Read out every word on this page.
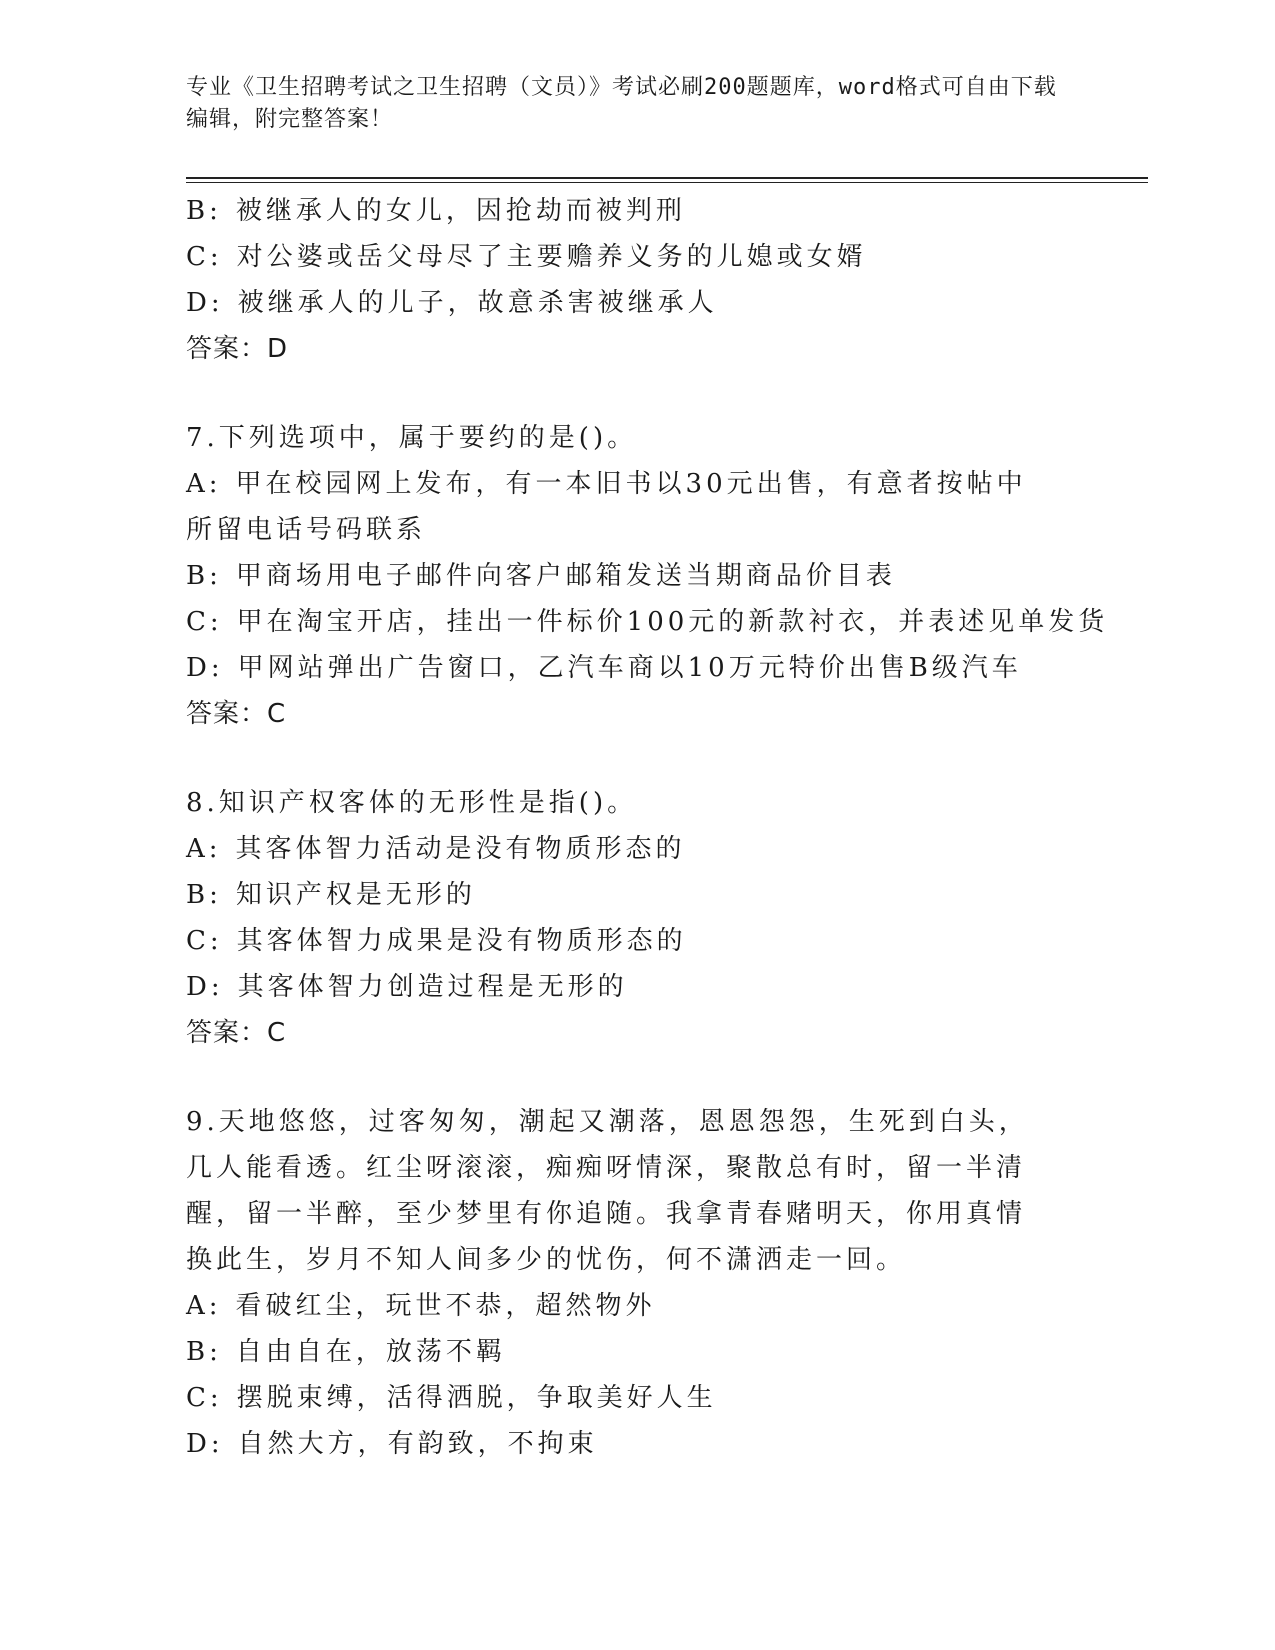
专业《卫生招聘考试之卫生招聘（文员）》考试必刷200题题库，word格式可自由下载编辑，附完整答案！
B: 被继承人的女儿，因抢劫而被判刑
C: 对公婆或岳父母尽了主要赡养义务的儿媳或女婿
D: 被继承人的儿子，故意杀害被继承人
答案：D
7.下列选项中，属于要约的是()。
A: 甲在校园网上发布，有一本旧书以30元出售，有意者按帖中所留电话号码联系
B: 甲商场用电子邮件向客户邮箱发送当期商品价目表
C: 甲在淘宝开店，挂出一件标价100元的新款衬衣，并表述见单发货
D: 甲网站弹出广告窗口，乙汽车商以10万元特价出售B级汽车
答案：C
8.知识产权客体的无形性是指()。
A: 其客体智力活动是没有物质形态的
B: 知识产权是无形的
C: 其客体智力成果是没有物质形态的
D: 其客体智力创造过程是无形的
答案：C
9.天地悠悠，过客匆匆，潮起又潮落，恩恩怨怨，生死到白头，几人能看透。红尘呀滚滚，痴痴呀情深，聚散总有时，留一半清醒，留一半醉，至少梦里有你追随。我拿青春赌明天，你用真情换此生，岁月不知人间多少的忧伤，何不潇洒走一回。
A: 看破红尘，玩世不恭，超然物外
B: 自由自在，放荡不羁
C: 摆脱束缚，活得洒脱，争取美好人生
D: 自然大方，有韵致，不拘束
